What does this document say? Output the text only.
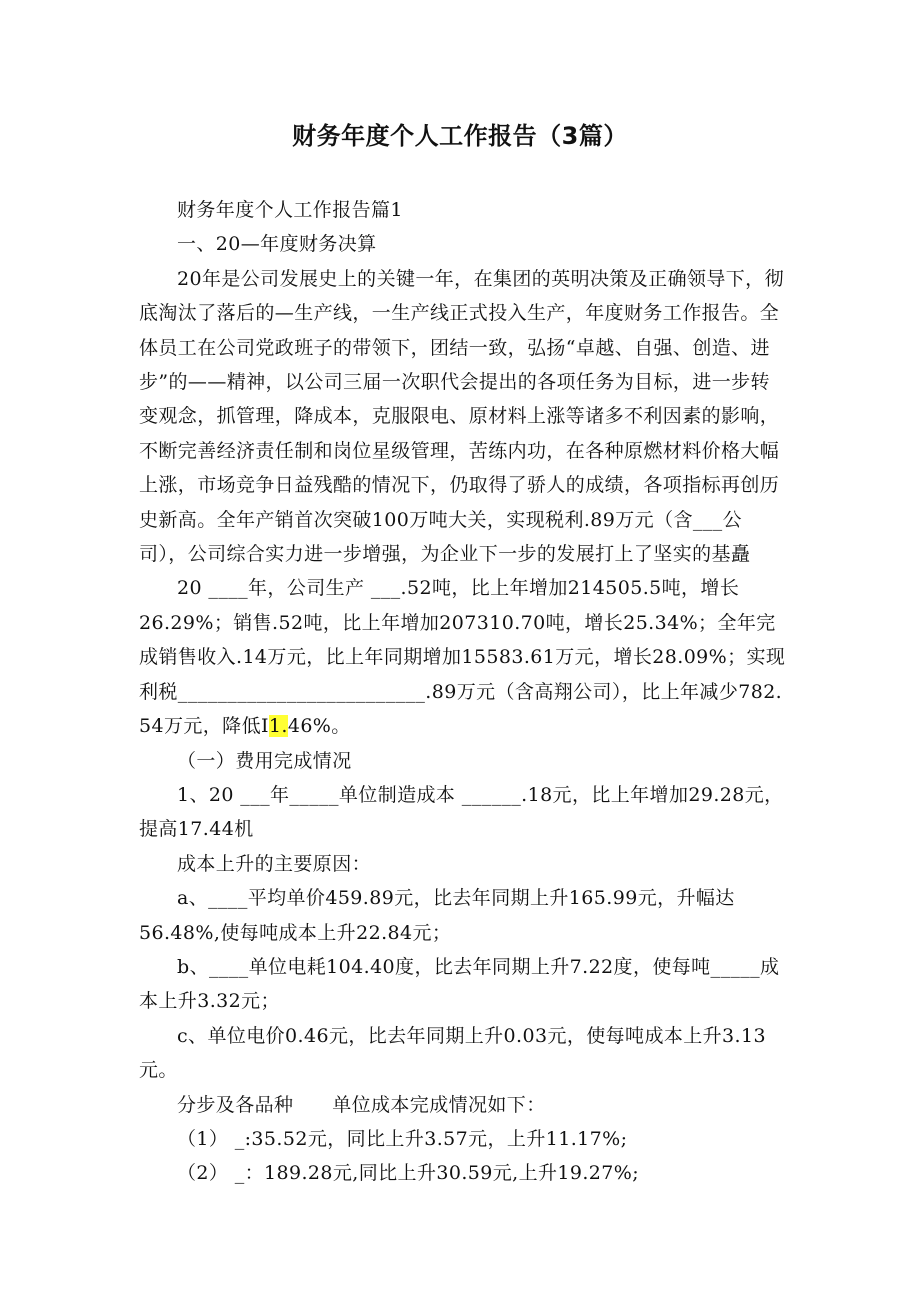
财务年度个人工作报告（3篇）

财务年度个人工作报告篇1

一、20—年度财务决算

20年是公司发展史上的关键一年，在集团的英明决策及正确领导下，彻底淘汰了落后的—生产线，一生产线正式投入生产，年度财务工作报告。全体员工在公司党政班子的带领下，团结一致，弘扬“卓越、自强、创造、进步”的——精神，以公司三届一次职代会提出的各项任务为目标，进一步转变观念，抓管理，降成本，克服限电、原材料上涨等诸多不利因素的影响，不断完善经济责任制和岗位星级管理，苦练内功，在各种原燃材料价格大幅上涨，市场竞争日益残酷的情况下，仍取得了骄人的成绩，各项指标再创历史新高。全年产销首次突破100万吨大关，实现税利.89万元（含___公司），公司综合实力进一步增强，为企业下一步的发展打上了坚实的基矗

20 ____年，公司生产 ___.52吨，比上年增加214505.5吨，增长26.29%；销售.52吨，比上年增加207310.70吨，增长25.34%；全年完成销售收入.14万元，比上年同期增加15583.61万元，增长28.09%；实现利税_________________________.89万元（含高翔公司），比上年减少782. 54万元，降低I1.46%。

（一）费用完成情况

1、20 ___年_____单位制造成本 ______.18元，比上年增加29.28元，提高17.44机

成本上升的主要原因：

a、____平均单价459.89元，比去年同期上升165.99元，升幅达56.48%,使每吨成本上升22.84元；

b、____单位电耗104.40度，比去年同期上升7.22度，使每吨_____成本上升3.32元；

c、单位电价0.46元，比去年同期上升0.03元，使每吨成本上升3.13元。

分步及各品种　　单位成本完成情况如下：

（1） _:35.52元，同比上升3.57元，上升11.17%;

（2） _：189.28元,同比上升30.59元,上升19.27%;
